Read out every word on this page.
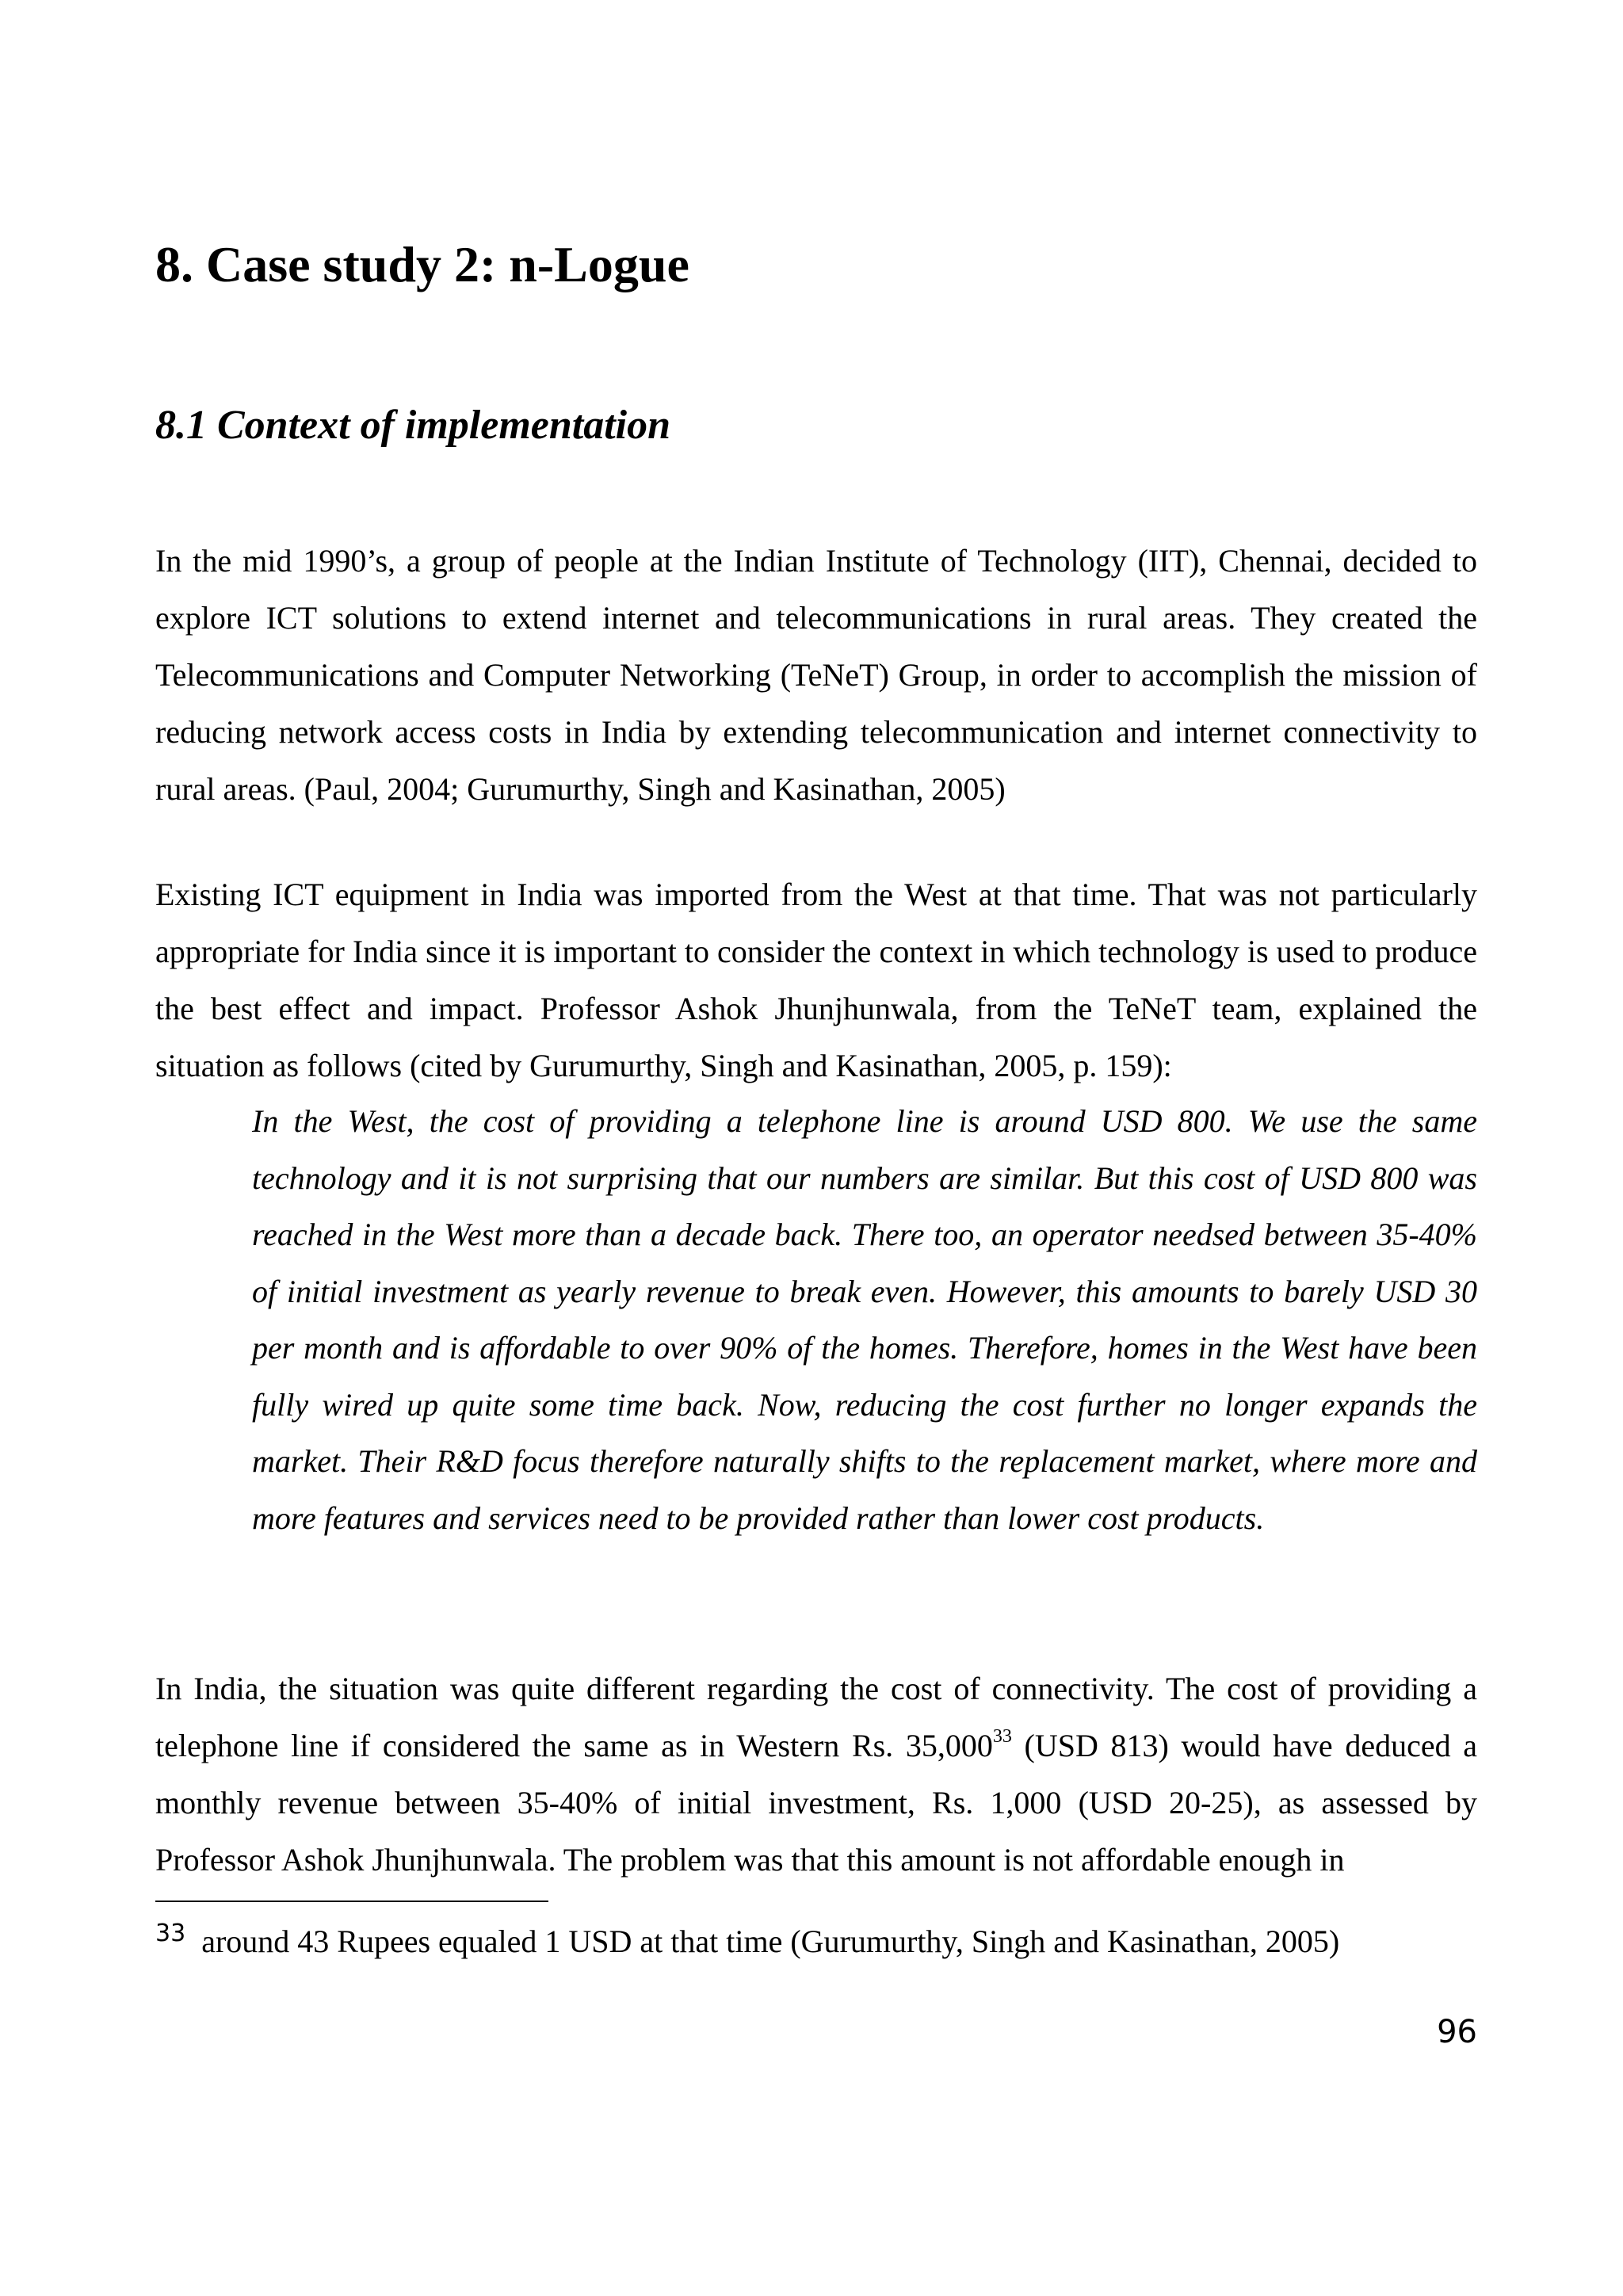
8. Case study 2: n-Logue
8.1 Context of implementation

In the mid 1990’s, a group of people at the Indian Institute of Technology (IIT), Chennai, decided to explore ICT solutions to extend internet and telecommunications in rural areas. They created the Telecommunications and Computer Networking (TeNeT) Group, in order to accomplish the mission of reducing network access costs in India by extending telecommunication and internet connectivity to rural areas. (Paul, 2004; Gurumurthy, Singh and Kasinathan, 2005)

Existing ICT equipment in India was imported from the West at that time. That was not particularly appropriate for India since it is important to consider the context in which technology is used to produce the best effect and impact. Professor Ashok Jhunjhunwala, from the TeNeT team, explained the situation as follows (cited by Gurumurthy, Singh and Kasinathan, 2005, p. 159):

In the West, the cost of providing a telephone line is around USD 800. We use the same technology and it is not surprising that our numbers are similar. But this cost of USD 800 was reached in the West more than a decade back. There too, an operator needsed between 35-40% of initial investment as yearly revenue to break even. However, this amounts to barely USD 30 per month and is affordable to over 90% of the homes. Therefore, homes in the West have been fully wired up quite some time back. Now, reducing the cost further no longer expands the market. Their R&D focus therefore naturally shifts to the replacement market, where more and more features and services need to be provided rather than lower cost products.

In India, the situation was quite different regarding the cost of connectivity. The cost of providing a telephone line if considered the same as in Western Rs. 35,000$^{33}$ (USD 813) would have deduced a monthly revenue between 35-40% of initial investment, Rs. 1,000 (USD 20-25), as assessed by Professor Ashok Jhunjhunwala. The problem was that this amount is not affordable enough in

$^{33}$ around 43 Rupees equaled 1 USD at that time (Gurumurthy, Singh and Kasinathan, 2005)

96
